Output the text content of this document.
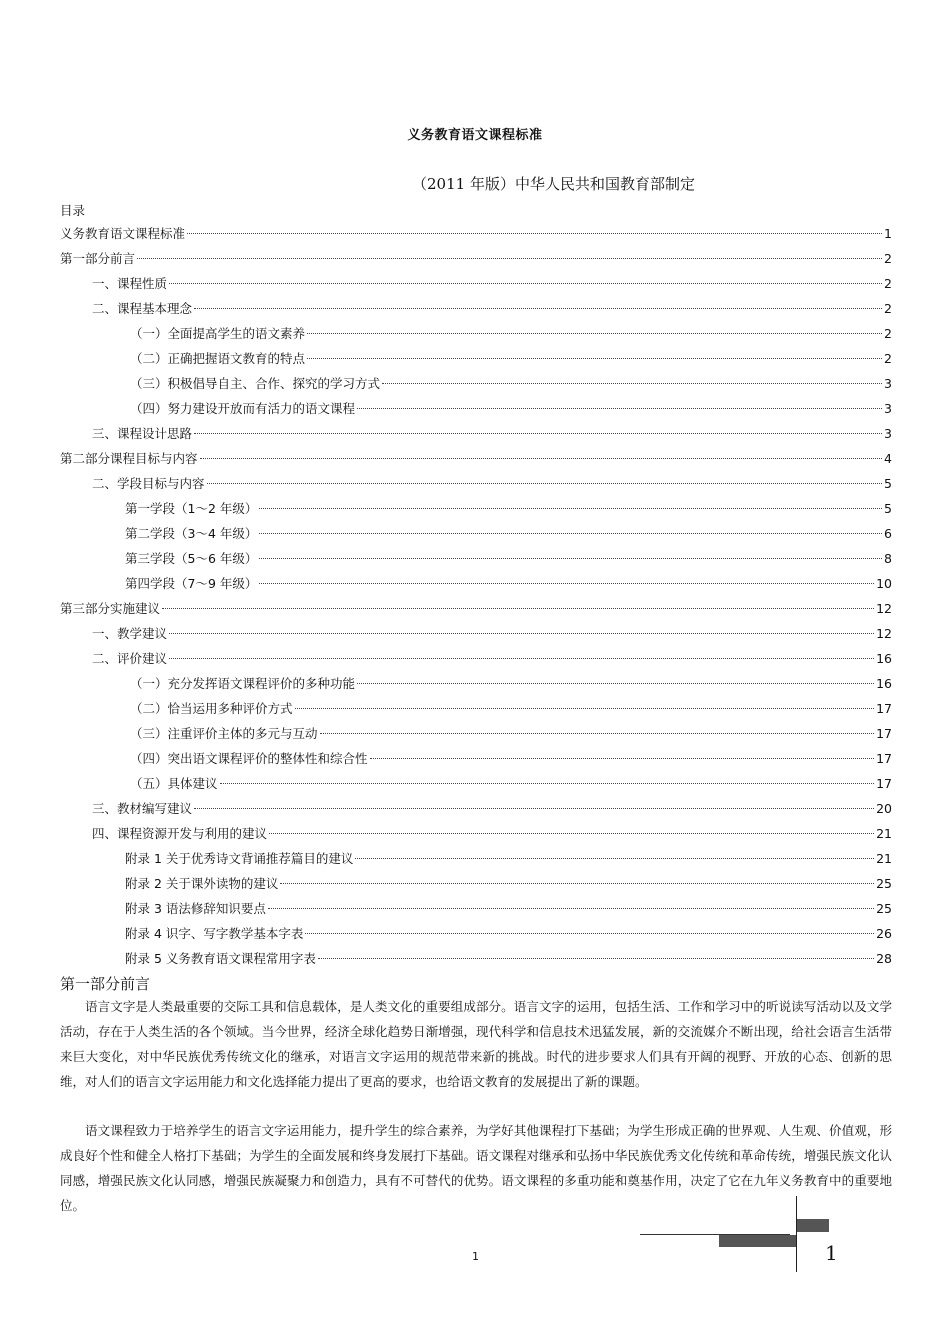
义务教育语文课程标准
（2011 年版）中华人民共和国教育部制定
目录
义务教育语文课程标准	1
第一部分前言	2
一、课程性质	2
二、课程基本理念	2
（一）全面提高学生的语文素养	2
（二）正确把握语文教育的特点	2
（三）积极倡导自主、合作、探究的学习方式	3
（四）努力建设开放而有活力的语文课程	3
三、课程设计思路	3
第二部分课程目标与内容	4
二、学段目标与内容	5
第一学段（1～2 年级）	5
第二学段（3～4 年级）	6
第三学段（5～6 年级）	8
第四学段（7～9 年级）	10
第三部分实施建议	12
一、教学建议	12
二、评价建议	16
（一）充分发挥语文课程评价的多种功能	16
（二）恰当运用多种评价方式	17
（三）注重评价主体的多元与互动	17
（四）突出语文课程评价的整体性和综合性	17
（五）具体建议	17
三、教材编写建议	20
四、课程资源开发与利用的建议	21
附录 1 关于优秀诗文背诵推荐篇目的建议	21
附录 2 关于课外读物的建议	25
附录 3 语法修辞知识要点	25
附录 4 识字、写字教学基本字表	26
附录 5 义务教育语文课程常用字表	28
第一部分前言

语言文字是人类最重要的交际工具和信息载体，是人类文化的重要组成部分。语言文字的运用，包括生活、工作和学习中的听说读写活动以及文学活动，存在于人类生活的各个领域。当今世界，经济全球化趋势日渐增强，现代科学和信息技术迅猛发展，新的交流媒介不断出现，给社会语言生活带来巨大变化，对中华民族优秀传统文化的继承，对语言文字运用的规范带来新的挑战。时代的进步要求人们具有开阔的视野、开放的心态、创新的思维，对人们的语言文字运用能力和文化选择能力提出了更高的要求，也给语文教育的发展提出了新的课题。

语文课程致力于培养学生的语言文字运用能力，提升学生的综合素养，为学好其他课程打下基础；为学生形成正确的世界观、人生观、价值观，形成良好个性和健全人格打下基础；为学生的全面发展和终身发展打下基础。语文课程对继承和弘扬中华民族优秀文化传统和革命传统，增强民族文化认同感，增强民族文化认同感，增强民族凝聚力和创造力，具有不可替代的优势。语文课程的多重功能和奠基作用，决定了它在九年义务教育中的重要地位。

1	1
